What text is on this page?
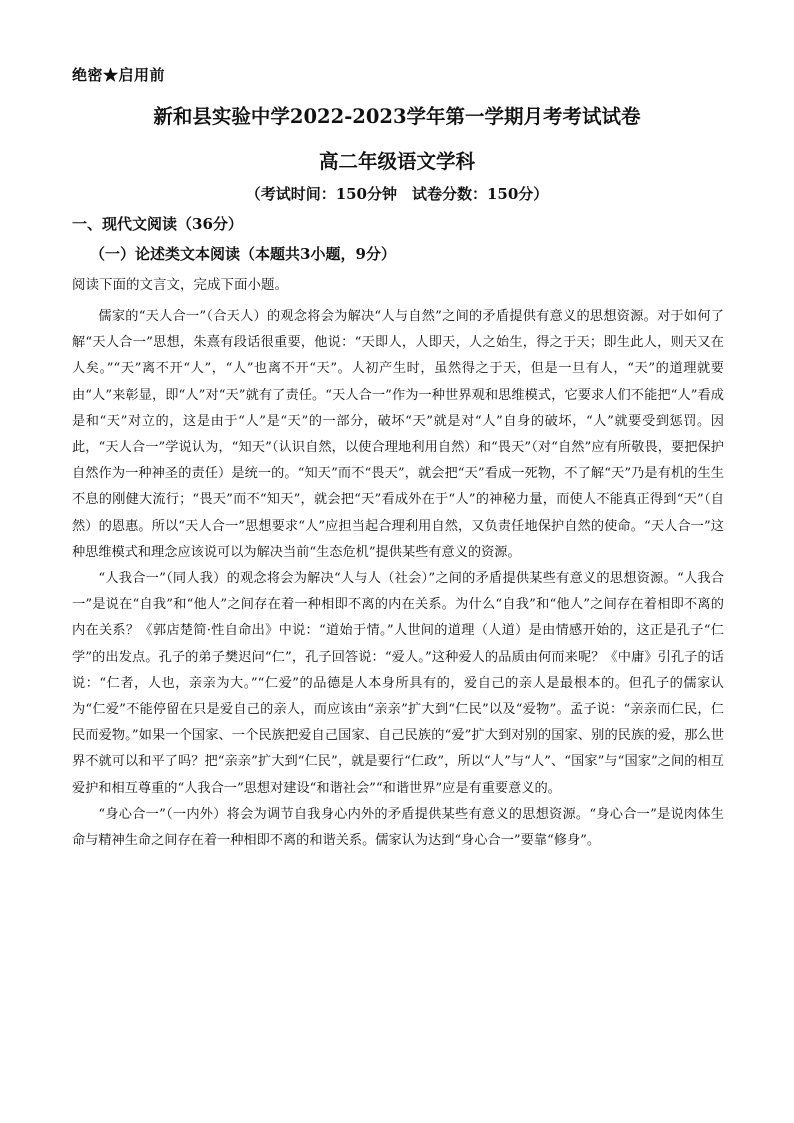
绝密★启用前
新和县实验中学2022-2023学年第一学期月考考试试卷
高二年级语文学科
（考试时间：150分钟　试卷分数：150分）
一、现代文阅读（36分）
（一）论述类文本阅读（本题共3小题，9分）
阅读下面的文言文，完成下面小题。

儒家的“天人合一”（合天人）的观念将会为解决“人与自然”之间的矛盾提供有意义的思想资源。对于如何了解“天人合一”思想，朱熹有段话很重要，他说：“天即人，人即天，人之始生，得之于天；即生此人，则天又在人矣。”“天”离不开“人”，“人”也离不开“天”。人初产生时，虽然得之于天，但是一旦有人，“天”的道理就要由“人”来彰显，即“人”对“天”就有了责任。“天人合一”作为一种世界观和思维模式，它要求人们不能把“人”看成是和“天”对立的，这是由于“人”是“天”的一部分，破坏“天”就是对“人”自身的破坏，“人”就要受到惩罚。因此，“天人合一”学说认为，“知天”（认识自然，以使合理地利用自然）和“畏天”（对“自然”应有所敬畏，要把保护自然作为一种神圣的责任）是统一的。“知天”而不“畏天”，就会把“天”看成一死物，不了解“天”乃是有机的生生不息的刚健大流行；“畏天”而不“知天”，就会把“天”看成外在于“人”的神秘力量，而使人不能真正得到“天”（自然）的恩惠。所以“天人合一”思想要求“人”应担当起合理利用自然，又负责任地保护自然的使命。“天人合一”这种思维模式和理念应该说可以为解决当前“生态危机”提供某些有意义的资源。

“人我合一”（同人我）的观念将会为解决“人与人（社会）”之间的矛盾提供某些有意义的思想资源。“人我合一”是说在“自我”和“他人”之间存在着一种相即不离的内在关系。为什么“自我”和“他人”之间存在着相即不离的内在关系？《郭店楚简·性自命出》中说：“道始于情。”人世间的道理（人道）是由情感开始的，这正是孔子“仁学”的出发点。孔子的弟子樊迟问“仁”，孔子回答说：“爱人。”这种爱人的品质由何而来呢？《中庸》引孔子的话说：“仁者，人也，亲亲为大。”“仁爱”的品德是人本身所具有的，爱自己的亲人是最根本的。但孔子的儒家认为“仁爱”不能停留在只是爱自己的亲人，而应该由“亲亲”扩大到“仁民”以及“爱物”。孟子说：“亲亲而仁民，仁民而爱物。”如果一个国家、一个民族把爱自己国家、自己民族的“爱”扩大到对别的国家、别的民族的爱，那么世界不就可以和平了吗？把“亲亲”扩大到“仁民”，就是要行“仁政”，所以“人”与“人”、“国家”与“国家”之间的相互爱护和相互尊重的“人我合一”思想对建设“和谐社会”“和谐世界”应是有重要意义的。

“身心合一”（一内外）将会为调节自我身心内外的矛盾提供某些有意义的思想资源。“身心合一”是说肉体生命与精神生命之间存在着一种相即不离的和谐关系。儒家认为达到“身心合一”要靠“修身”。
